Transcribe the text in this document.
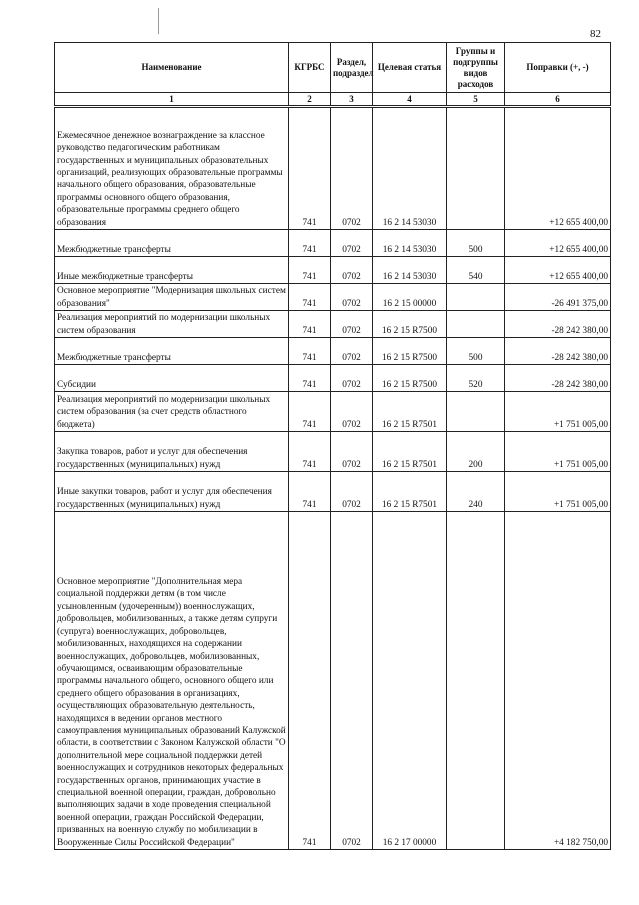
82
Наименование	КГРБС	Раздел, подраздел	Целевая статья	Группы и подгруппы видов расходов	Поправки (+, -)
1	2	3	4	5	6
Ежемесячное денежное вознаграждение за классное руководство педагогическим работникам государственных и муниципальных образовательных организаций, реализующих образовательные программы начального общего образования, образовательные программы основного общего образования, образовательные программы среднего общего образования	741	0702	16 2 14 53030		+12 655 400,00
Межбюджетные трансферты	741	0702	16 2 14 53030	500	+12 655 400,00
Иные межбюджетные трансферты	741	0702	16 2 14 53030	540	+12 655 400,00
Основное мероприятие "Модернизация школьных систем образования"	741	0702	16 2 15 00000		-26 491 375,00
Реализация мероприятий по модернизации школьных систем образования	741	0702	16 2 15 R7500		-28 242 380,00
Межбюджетные трансферты	741	0702	16 2 15 R7500	500	-28 242 380,00
Субсидии	741	0702	16 2 15 R7500	520	-28 242 380,00
Реализация мероприятий по модернизации школьных систем образования (за счет средств областного бюджета)	741	0702	16 2 15 R7501		+1 751 005,00
Закупка товаров, работ и услуг для обеспечения государственных (муниципальных) нужд	741	0702	16 2 15 R7501	200	+1 751 005,00
Иные закупки товаров, работ и услуг для обеспечения государственных (муниципальных) нужд	741	0702	16 2 15 R7501	240	+1 751 005,00
Основное мероприятие "Дополнительная мера социальной поддержки детям (в том числе усыновленным (удочеренным)) военнослужащих, добровольцев, мобилизованных, а также детям супруги (супруга) военнослужащих, добровольцев, мобилизованных, находящихся на содержании военнослужащих, добровольцев, мобилизованных, обучающимся, осваивающим образовательные программы начального общего, основного общего или среднего общего образования в организациях, осуществляющих образовательную деятельность, находящихся в ведении органов местного самоуправления муниципальных образований Калужской области, в соответствии с Законом Калужской области "О дополнительной мере социальной поддержки детей военнослужащих и сотрудников некоторых федеральных государственных органов, принимающих участие в специальной военной операции, граждан, добровольно выполняющих задачи в ходе проведения специальной военной операции, граждан Российской Федерации, призванных на военную службу по мобилизации в Вооруженные Силы Российской Федерации"	741	0702	16 2 17 00000		+4 182 750,00
